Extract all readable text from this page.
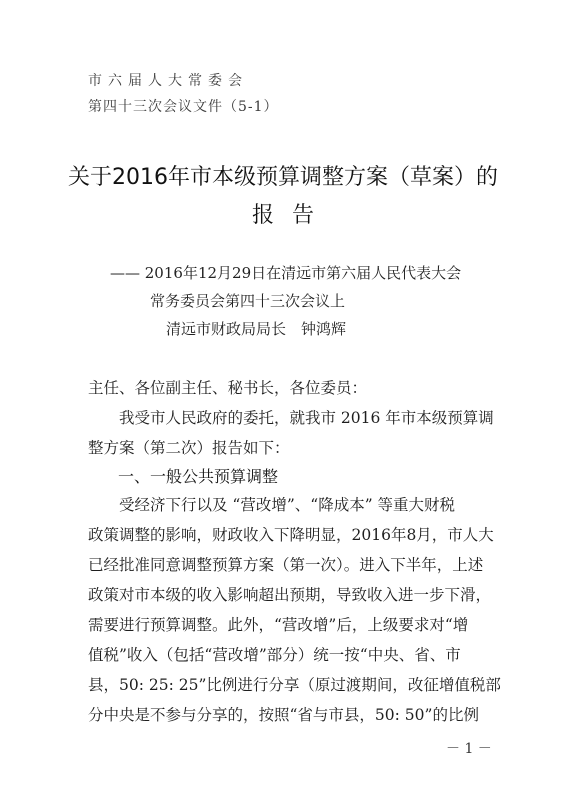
市六届人大常委会
第四十三次会议文件（5-1）
关于2016年市本级预算调整方案（草案）的
报告
—— 2016年12月29日在清远市第六届人民代表大会
常务委员会第四十三次会议上
清远市财政局局长　钟鸿辉
主任、各位副主任、秘书长，各位委员：
　　我受市人民政府的委托，就我市 2016 年市本级预算调
整方案（第二次）报告如下：
一、一般公共预算调整
　　受经济下行以及 “营改增”、“降成本” 等重大财税
政策调整的影响，财政收入下降明显，2016年8月，市人大
已经批准同意调整预算方案（第一次）。进入下半年，上述
政策对市本级的收入影响超出预期，导致收入进一步下滑，
需要进行预算调整。此外，“营改增”后，上级要求对“增
值税”收入（包括“营改增”部分）统一按“中央、省、市
县，50: 25: 25”比例进行分享（原过渡期间，改征增值税部
分中央是不参与分享的，按照“省与市县，50: 50”的比例
－ 1 －
